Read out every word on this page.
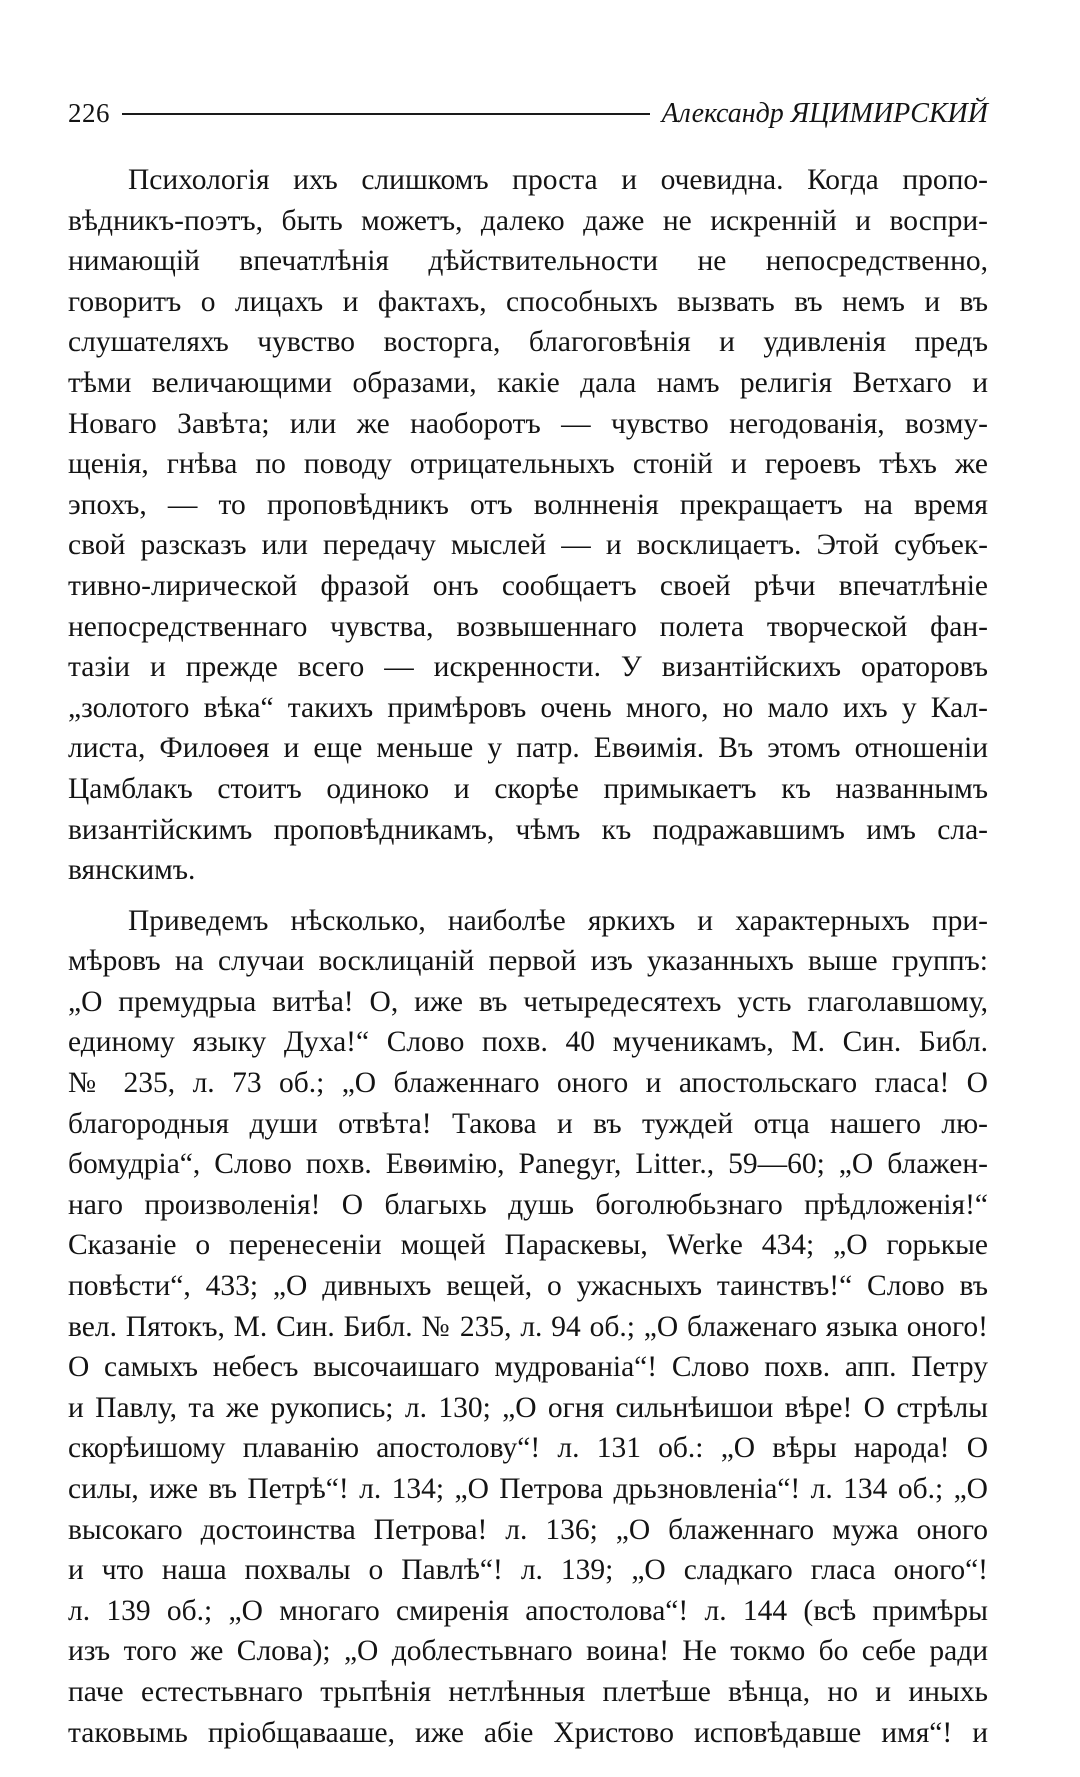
226	Александр ЯЦИМИРСКИЙ
Психологія ихъ слишкомъ проста и очевидна. Когда пропо-
вѣдникъ-поэтъ, быть можетъ, далеко даже не искренній и воспри-
нимающій впечатлѣнія дѣйствительности не непосредственно,
говоритъ о лицахъ и фактахъ, способныхъ вызвать въ немъ и въ
слушателяхъ чувство восторга, благоговѣнія и удивленія предъ
тѣми величающими образами, какіе дала намъ религія Ветхаго и
Новаго Завѣта; или же наоборотъ — чувство негодованія, возму-
щенія, гнѣва по поводу отрицательныхъ стоній и героевъ тѣхъ же
эпохъ, — то проповѣдникъ отъ волнненія прекращаетъ на время
свой разсказъ или передачу мыслей — и восклицаетъ. Этой субъек-
тивно-лирической фразой онъ сообщаетъ своей рѣчи впечатлѣніе
непосредственнаго чувства, возвышеннаго полета творческой фан-
тазіи и прежде всего — искренности. У византійскихъ ораторовъ
„золотого вѣка“ такихъ примѣровъ очень много, но мало ихъ у Кал-
листа, Филоѳея и еще меньше у патр. Евѳимія. Въ этомъ отношеніи
Цамблакъ стоитъ одиноко и скорѣе примыкаетъ къ названнымъ
византійскимъ проповѣдникамъ, чѣмъ къ подражавшимъ имъ сла-
вянскимъ.
Приведемъ нѣсколько, наиболѣе яркихъ и характерныхъ при-
мѣровъ на случаи восклицаній первой изъ указанныхъ выше группъ:
„О премудрыа витѣа! О, иже въ четыредесятехъ усть глаголавшому,
единому языку Духа!“ Слово похв. 40 мученикамъ, М. Син. Библ.
№ 235, л. 73 об.; „О блаженнаго оного и апостольскаго гласа! О
благородныя души отвѣта! Такова и въ туждей отца нашего лю-
бомудріа“, Слово похв. Евѳимію, Panegyr, Litter., 59—60; „О блажен-
наго произволенія! О благыхь душь боголюбьзнаго прѣдложенія!“
Сказаніе о перенесеніи мощей Параскевы, Werke 434; „О горькые
повѣсти“, 433; „О дивныхъ вещей, о ужасныхъ таинствъ!“ Слово въ
вел. Пятокъ, М. Син. Библ. № 235, л. 94 об.; „О блаженаго языка оного!
О самыхъ небесъ высочаишаго мудрованіа“! Слово похв. апп. Петру
и Павлу, та же рукопись; л. 130; „О огня сильнѣишои вѣре! О стрѣлы
скорѣишому плаванію апостолову“! л. 131 об.: „О вѣры народа! О
силы, иже въ Петрѣ“! л. 134; „О Петрова дрьзновленіа“! л. 134 об.; „О
высокаго достоинства Петрова! л. 136; „О блаженнаго мужа оного
и что наша похвалы о Павлѣ“! л. 139; „О сладкаго гласа оного“!
л. 139 об.; „О многаго смиренія апостолова“! л. 144 (всѣ примѣры
изъ того же Слова); „О доблестьвнаго воина! Не токмо бо себе ради
паче естестьвнаго трьпѣнія нетлѣнныя плетѣше вѣнца, но и иныхь
таковымь пріобщавааше, иже абіе Христово исповѣдавше имя“! и
